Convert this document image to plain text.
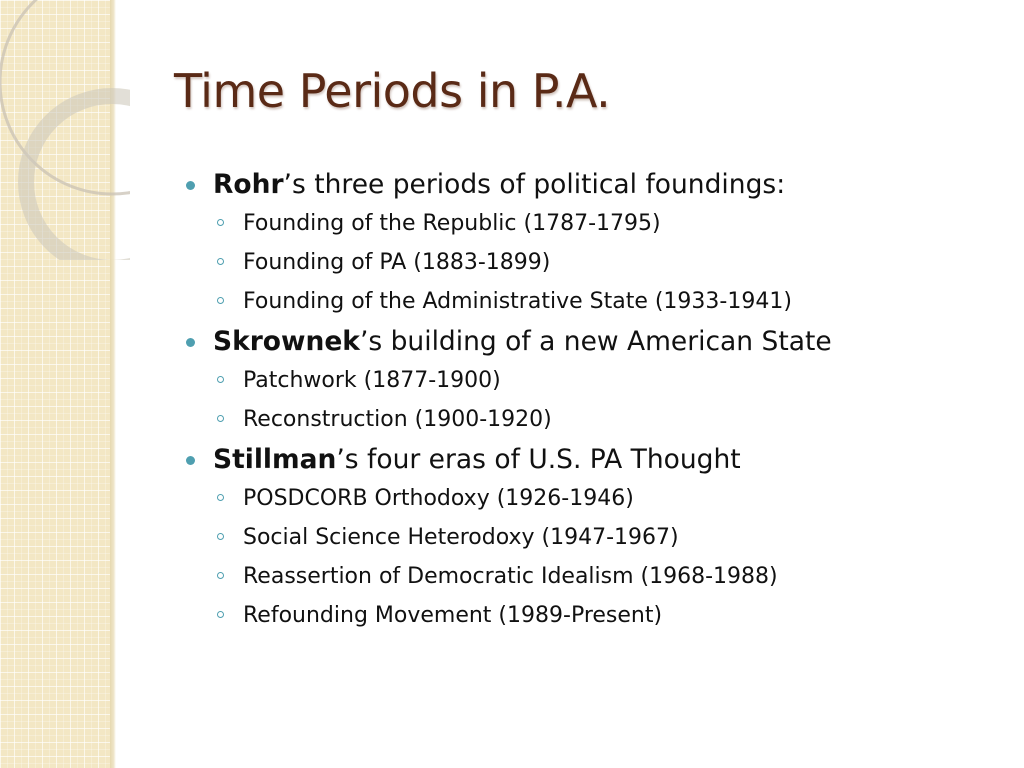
Time Periods in P.A.
Rohr’s three periods of political foundings:
Founding of the Republic (1787-1795)
Founding of PA (1883-1899)
Founding of the Administrative State (1933-1941)
Skrownek’s building of a new American State
Patchwork (1877-1900)
Reconstruction (1900-1920)
Stillman’s four eras of U.S. PA Thought
POSDCORB Orthodoxy (1926-1946)
Social Science Heterodoxy (1947-1967)
Reassertion of Democratic Idealism (1968-1988)
Refounding Movement (1989-Present)
